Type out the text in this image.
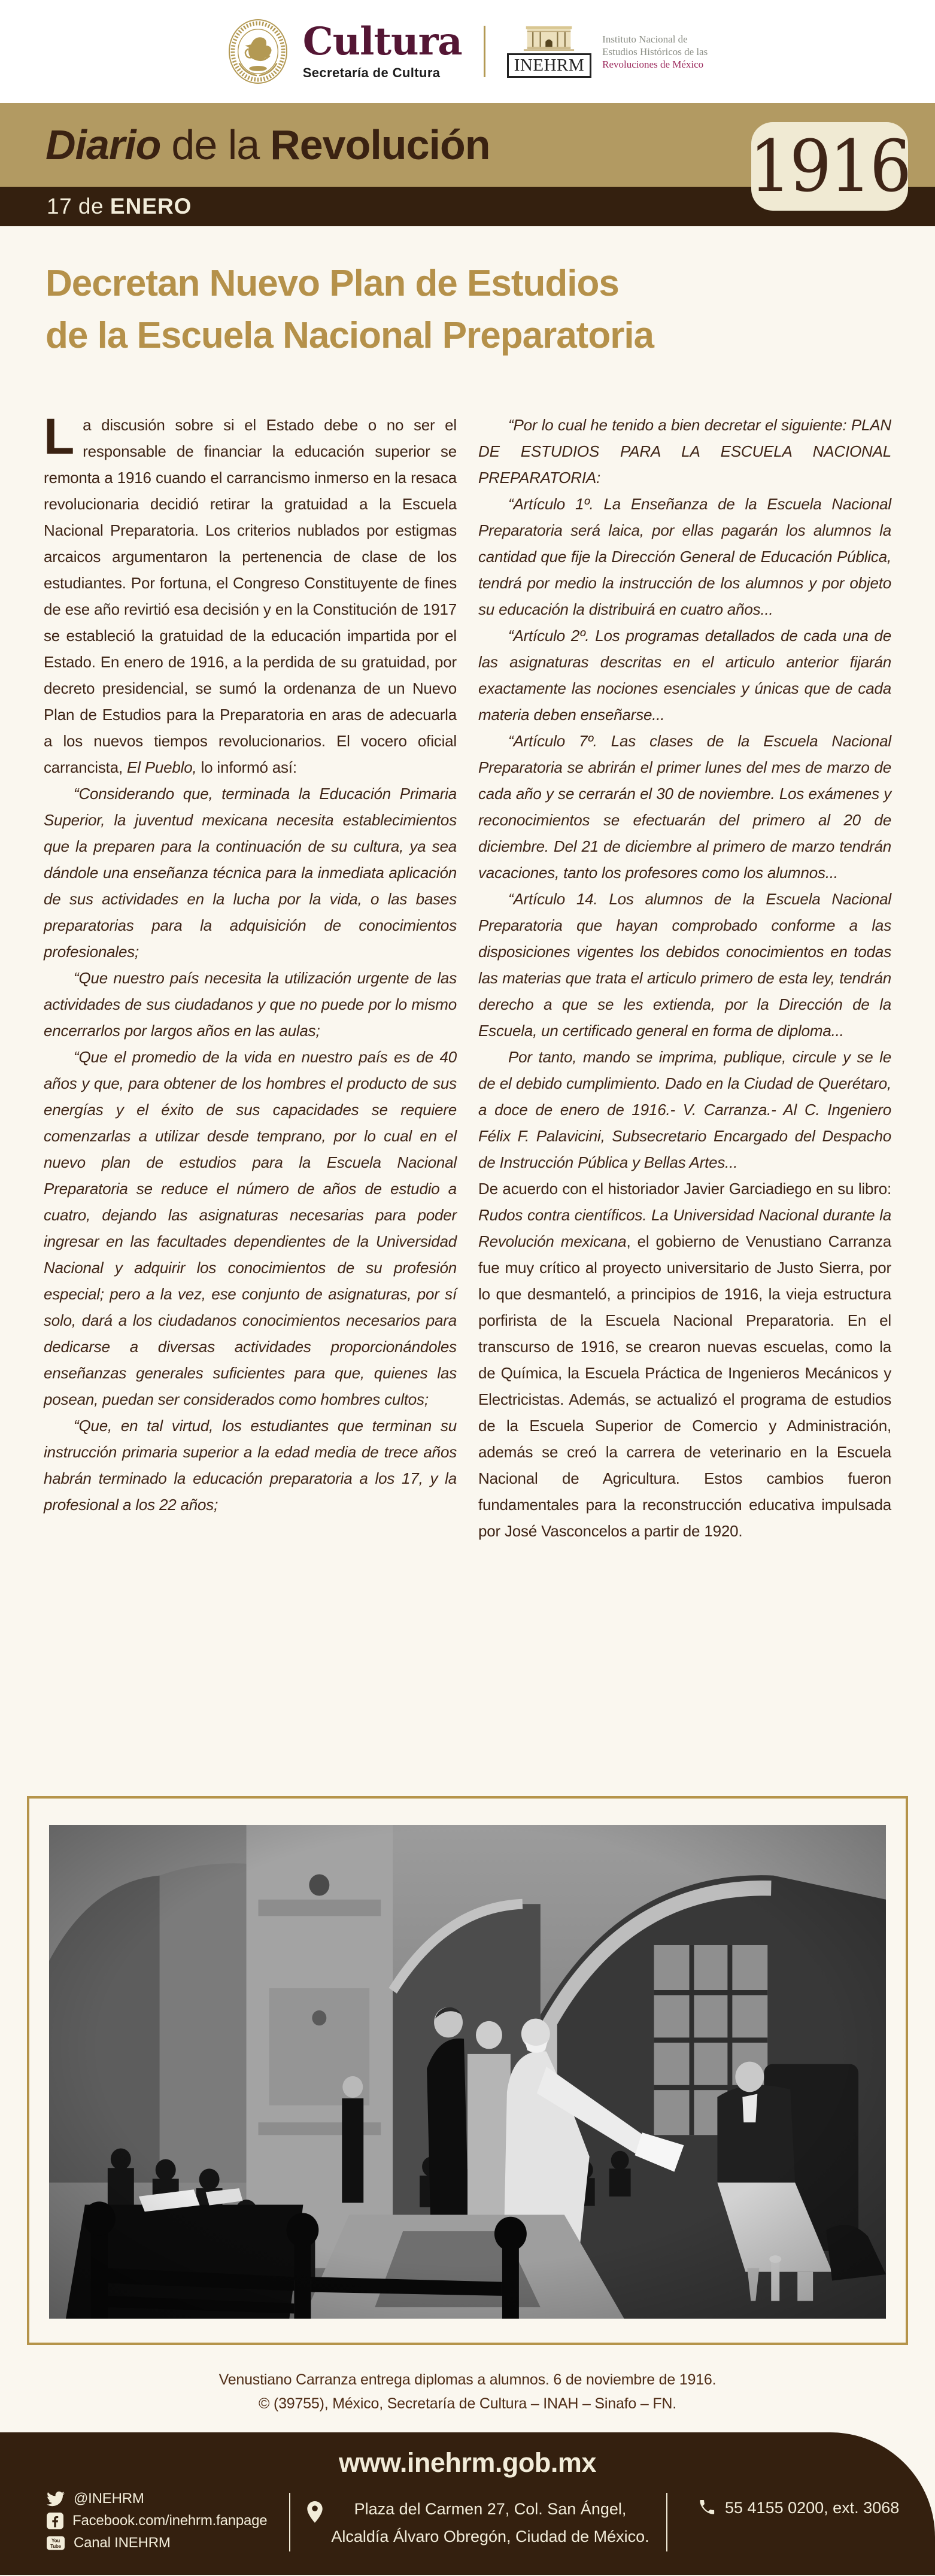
Cultura
Secretaría de Cultura	INEHRM
Instituto Nacional de
Estudios Históricos de las
Revoluciones de México
Diario de la Revolución
17 de ENERO	1916
Decretan Nuevo Plan de Estudios
de la Escuela Nacional Preparatoria

La discusión sobre si el Estado debe o no ser el responsable de financiar la educación superior se remonta a 1916 cuando el carrancismo inmerso en la resaca revolucionaria decidió retirar la gratuidad a la Escuela Nacional Preparatoria. Los criterios nublados por estigmas arcaicos argumentaron la pertenencia de clase de los estudiantes. Por fortuna, el Congreso Constituyente de fines de ese año revirtió esa decisión y en la Constitución de 1917 se estableció la gratuidad de la educación impartida por el Estado. En enero de 1916, a la perdida de su gratuidad, por decreto presidencial, se sumó la ordenanza de un Nuevo Plan de Estudios para la Preparatoria en aras de adecuarla a los nuevos tiempos revolucionarios. El vocero oficial carrancista, El Pueblo, lo informó así:

“Considerando que, terminada la Educación Primaria Superior, la juventud mexicana necesita establecimientos que la preparen para la continuación de su cultura, ya sea dándole una enseñanza técnica para la inmediata aplicación de sus actividades en la lucha por la vida, o las bases preparatorias para la adquisición de conocimientos profesionales;

“Que nuestro país necesita la utilización urgente de las actividades de sus ciudadanos y que no puede por lo mismo encerrarlos por largos años en las aulas;

“Que el promedio de la vida en nuestro país es de 40 años y que, para obtener de los hombres el producto de sus energías y el éxito de sus capacidades se requiere comenzarlas a utilizar desde temprano, por lo cual en el nuevo plan de estudios para la Escuela Nacional Preparatoria se reduce el número de años de estudio a cuatro, dejando las asignaturas necesarias para poder ingresar en las facultades dependientes de la Universidad Nacional y adquirir los conocimientos de su profesión especial; pero a la vez, ese conjunto de asignaturas, por sí solo, dará a los ciudadanos conocimientos necesarios para dedicarse a diversas actividades proporcionándoles enseñanzas generales suficientes para que, quienes las posean, puedan ser considerados como hombres cultos;

“Que, en tal virtud, los estudiantes que terminan su instrucción primaria superior a la edad media de trece años habrán terminado la educación preparatoria a los 17, y la profesional a los 22 años;

“Por lo cual he tenido a bien decretar el siguiente: PLAN DE ESTUDIOS PARA LA ESCUELA NACIONAL PREPARATORIA:

“Artículo 1º. La Enseñanza de la Escuela Nacional Preparatoria será laica, por ellas pagarán los alumnos la cantidad que fije la Dirección General de Educación Pública, tendrá por medio la instrucción de los alumnos y por objeto su educación la distribuirá en cuatro años...

“Artículo 2º. Los programas detallados de cada una de las asignaturas descritas en el articulo anterior fijarán exactamente las nociones esenciales y únicas que de cada materia deben enseñarse...

“Artículo 7º. Las clases de la Escuela Nacional Preparatoria se abrirán el primer lunes del mes de marzo de cada año y se cerrarán el 30 de noviembre. Los exámenes y reconocimientos se efectuarán del primero al 20 de diciembre. Del 21 de diciembre al primero de marzo tendrán vacaciones, tanto los profesores como los alumnos...

“Artículo 14. Los alumnos de la Escuela Nacional Preparatoria que hayan comprobado conforme a las disposiciones vigentes los debidos conocimientos en todas las materias que trata el articulo primero de esta ley, tendrán derecho a que se les extienda, por la Dirección de la Escuela, un certificado general en forma de diploma...

Por tanto, mando se imprima, publique, circule y se le de el debido cumplimiento. Dado en la Ciudad de Querétaro, a doce de enero de 1916.- V. Carranza.- Al C. Ingeniero Félix F. Palavicini, Subsecretario Encargado del Despacho de Instrucción Pública y Bellas Artes...

De acuerdo con el historiador Javier Garciadiego en su libro: Rudos contra científicos. La Universidad Nacional durante la Revolución mexicana, el gobierno de Venustiano Carranza fue muy crítico al proyecto universitario de Justo Sierra, por lo que desmanteló, a principios de 1916, la vieja estructura porfirista de la Escuela Nacional Preparatoria. En el transcurso de 1916, se crearon nuevas escuelas, como la de Química, la Escuela Práctica de Ingenieros Mecánicos y Electricistas. Además, se actualizó el programa de estudios de la Escuela Superior de Comercio y Administración, además se creó la carrera de veterinario en la Escuela Nacional de Agricultura. Estos cambios fueron fundamentales para la reconstrucción educativa impulsada por José Vasconcelos a partir de 1920.

Venustiano Carranza entrega diplomas a alumnos. 6 de noviembre de 1916.
© (39755), México, Secretaría de Cultura – INAH – Sinafo – FN.
www.inehrm.gob.mx
@INEHRM
Facebook.com/inehrm.fanpage
You
Tube Canal INEHRM
Plaza del Carmen 27, Col. San Ángel,
Alcaldía Álvaro Obregón, Ciudad de México.
55 4155 0200, ext. 3068
